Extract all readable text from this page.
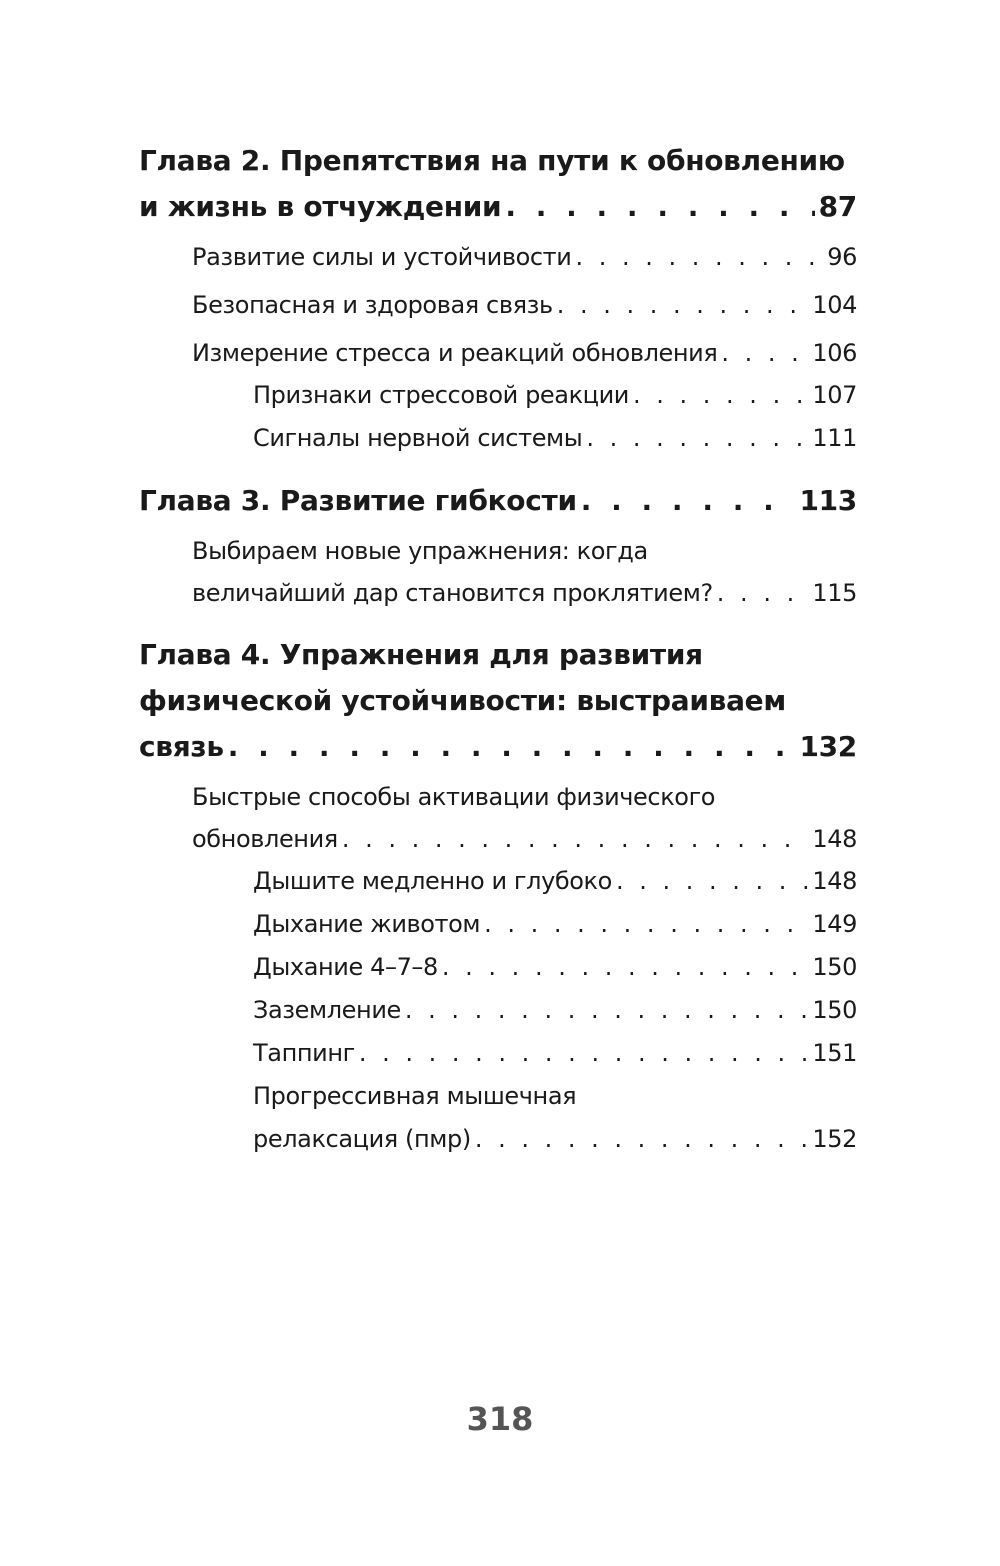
Глава 2. Препятствия на пути к обновлению
и жизнь в отчуждении . . .	87
Развитие силы и устойчивости . . .	96
Безопасная и здоровая связь . . .	104
Измерение стресса и реакций обновления . . .	106
Признаки стрессовой реакции . . .	107
Сигналы нервной системы . . .	111
Глава 3. Развитие гибкости . . .	113
Выбираем новые упражнения: когда
величайший дар становится проклятием? . . .	115
Глава 4. Упражнения для развития
физической устойчивости: выстраиваем
связь . . .	132
Быстрые способы активации физического
обновления . . .	148
Дышите медленно и глубоко . . .	148
Дыхание животом . . .	149
Дыхание 4–7–8 . . .	150
Заземление . . .	150
Таппинг . . .	151
Прогрессивная мышечная
релаксация (пмр) . . .	152
318
